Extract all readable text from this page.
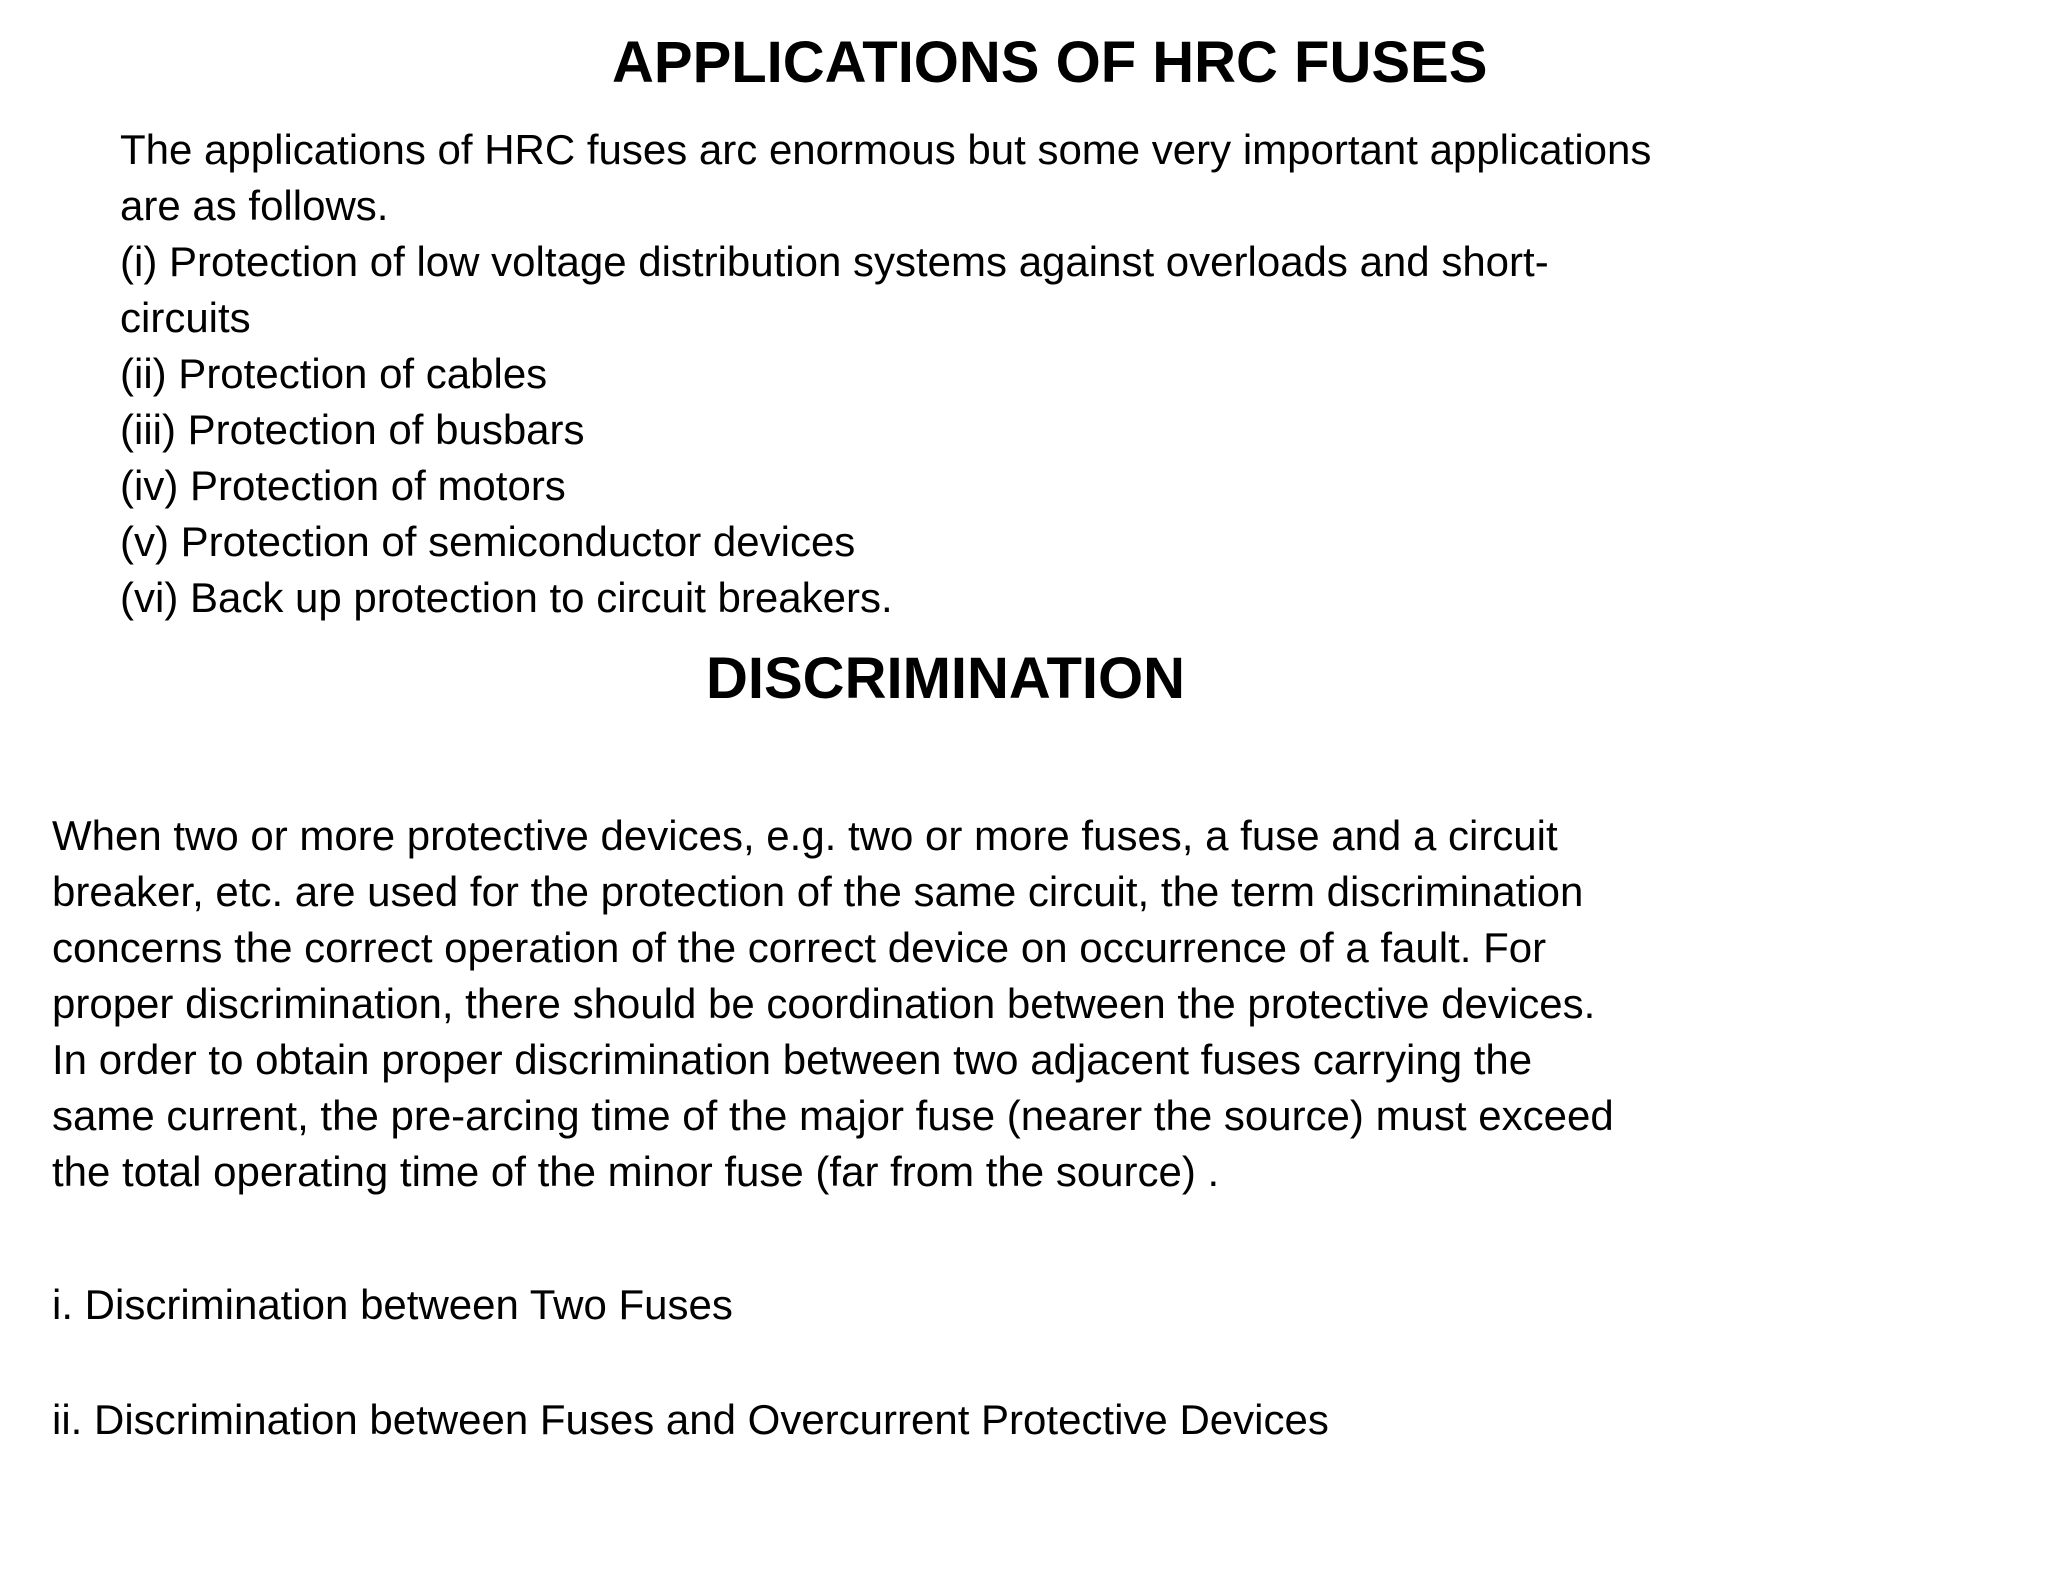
APPLICATIONS OF HRC FUSES

The applications of HRC fuses arc enormous but some very important applications

are as follows.

(i) Protection of low voltage distribution systems against overloads and short-

circuits

(ii) Protection of cables

(iii) Protection of busbars

(iv) Protection of motors

(v) Protection of semiconductor devices

(vi) Back up protection to circuit breakers.

DISCRIMINATION

When two or more protective devices, e.g. two or more fuses, a fuse and a circuit

breaker, etc. are used for the protection of the same circuit, the term discrimination

concerns the correct operation of the correct device on occurrence of a fault. For

proper discrimination, there should be coordination between the protective devices.

In order to obtain proper discrimination between two adjacent fuses carrying the

same current, the pre-arcing time of the major fuse (nearer the source) must exceed

the total operating time of the minor fuse (far from the source) .

i. Discrimination between Two Fuses

ii. Discrimination between Fuses and Overcurrent Protective Devices
